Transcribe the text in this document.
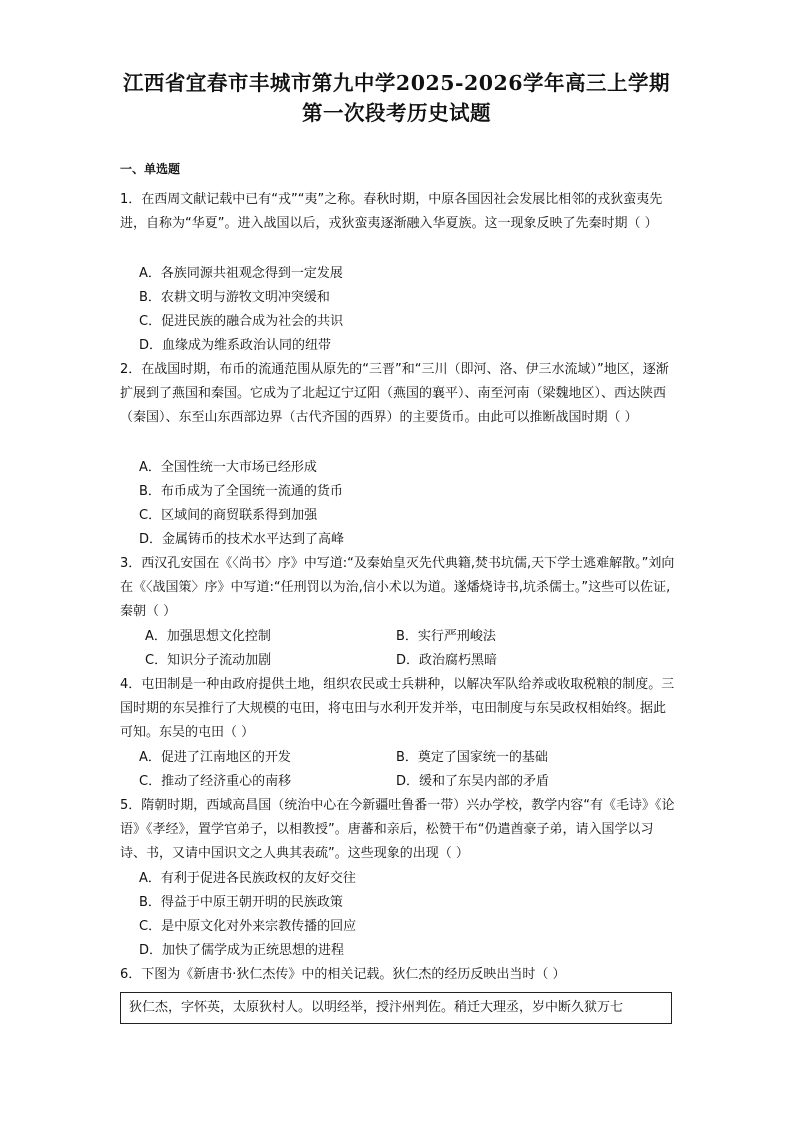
江西省宜春市丰城市第九中学2025-2026学年高三上学期
第一次段考历史试题
一、单选题
1．在西周文献记载中已有“戎”“夷”之称。春秋时期，中原各国因社会发展比相邻的戎狄蛮夷先进，自称为“华夏”。进入战国以后，戎狄蛮夷逐渐融入华夏族。这一现象反映了先秦时期（ ）
A．各族同源共祖观念得到一定发展
B．农耕文明与游牧文明冲突缓和
C．促进民族的融合成为社会的共识
D．血缘成为维系政治认同的纽带
2．在战国时期，布币的流通范围从原先的“三晋”和“三川（即河、洛、伊三水流域）”地区，逐渐扩展到了燕国和秦国。它成为了北起辽宁辽阳（燕国的襄平）、南至河南（梁魏地区）、西达陕西（秦国）、东至山东西部边界（古代齐国的西界）的主要货币。由此可以推断战国时期（ ）
A．全国性统一大市场已经形成
B．布币成为了全国统一流通的货币
C．区域间的商贸联系得到加强
D．金属铸币的技术水平达到了高峰
3．西汉孔安国在《〈尚书〉序》中写道:“及秦始皇灭先代典籍,焚书坑儒,天下学士逃难解散。”刘向在《〈战国策〉序》中写道:“任刑罚以为治,信小术以为道。遂燔烧诗书,坑杀儒士。”这些可以佐证,秦朝（ ）
A．加强思想文化控制	B．实行严刑峻法
C．知识分子流动加剧	D．政治腐朽黑暗
4．屯田制是一种由政府提供土地，组织农民或士兵耕种，以解决军队给养或收取税粮的制度。三国时期的东吴推行了大规模的屯田，将屯田与水利开发并举，屯田制度与东吴政权相始终。据此可知。东吴的屯田（ ）
A．促进了江南地区的开发	B．奠定了国家统一的基础
C．推动了经济重心的南移	D．缓和了东吴内部的矛盾
5．隋朝时期，西域高昌国（统治中心在今新疆吐鲁番一带）兴办学校，教学内容“有《毛诗》《论语》《孝经》，置学官弟子，以相教授”。唐蕃和亲后，松赞干布“仍遣酋豪子弟，请入国学以习诗、书，又请中国识文之人典其表疏”。这些现象的出现（ ）
A．有利于促进各民族政权的友好交往
B．得益于中原王朝开明的民族政策
C．是中原文化对外来宗教传播的回应
D．加快了儒学成为正统思想的进程
6．下图为《新唐书·狄仁杰传》中的相关记载。狄仁杰的经历反映出当时（ ）
狄仁杰，字怀英，太原狄村人。以明经举，授汴州判佐。稍迁大理丞，岁中断久狱万七
